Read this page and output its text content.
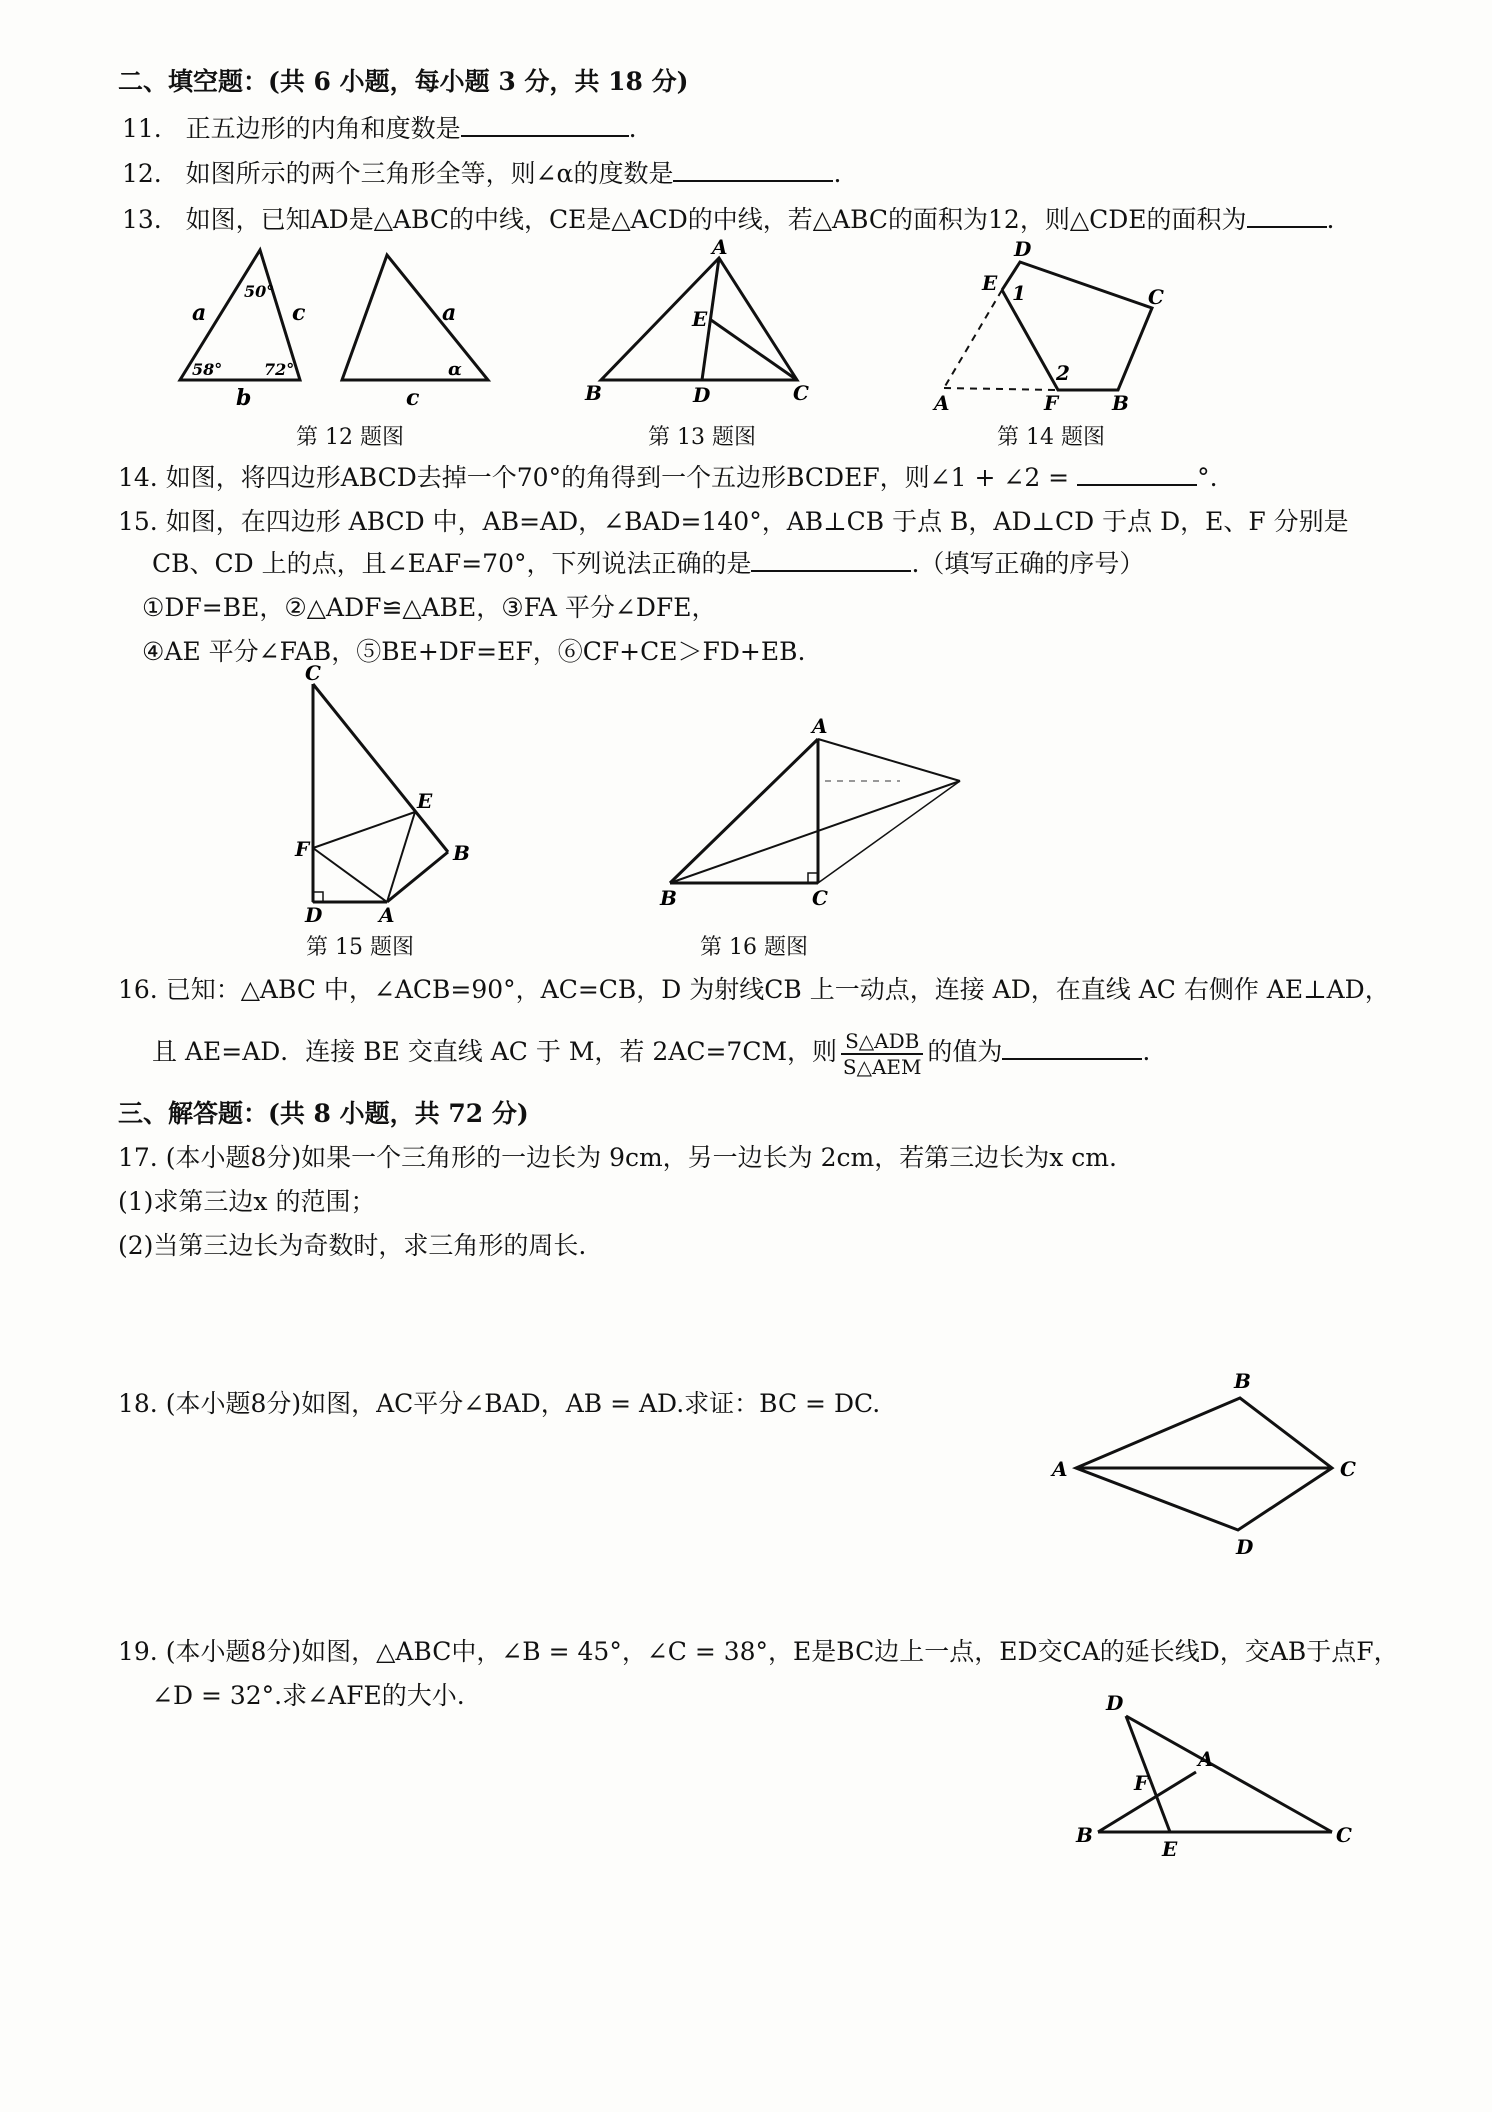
二、填空题：(共 6 小题，每小题 3 分，共 18 分)
11. 正五边形的内角和度数是	.
12. 如图所示的两个三角形全等，则∠α的度数是	.
13. 如图，已知AD是△ABC的中线，CE是△ACD的中线，若△ABC的面积为12，则△CDE的面积为	.
50°
58°	72°
a	c
b
a
c
α
第 12 题图
A
B	D	C
E
第 13 题图
D
E 1	C
2
A	F	B
第 14 题图
14. 如图，将四边形ABCD去掉一个70°的角得到一个五边形BCDEF，则∠1 + ∠2 =	°.
15. 如图，在四边形 ABCD 中，AB=AD，∠BAD=140°，AB⊥CB 于点 B，AD⊥CD 于点 D，E、F 分别是
CB、CD 上的点，且∠EAF=70°，下列说法正确的是	.（填写正确的序号）
①DF=BE，②△ADF≌△ABE，③FA 平分∠DFE，
④AE 平分∠FAB，⑤BE+DF=EF，⑥CF+CE＞FD+EB.
C
F
E
B
D	A
第 15 题图
A
B	C
第 16 题图
16. 已知：△ABC 中，∠ACB=90°，AC=CB，D 为射线CB 上一动点，连接 AD，在直线 AC 右侧作 AE⊥AD，
且 AE=AD．连接 BE 交直线 AC 于 M，若 2AC=7CM，则 $\frac{\text{S△ADB}}{\text{S△AEM}}$ 的值为	.
三、解答题：(共 8 小题，共 72 分)
17. (本小题8分)如果一个三角形的一边长为 9cm，另一边长为 2cm，若第三边长为x cm.
(1)求第三边x 的范围；
(2)当第三边长为奇数时，求三角形的周长.
18. (本小题8分)如图，AC平分∠BAD，AB = AD.求证：BC = DC.
B
A	C
D
19. (本小题8分)如图，△ABC中，∠B = 45°，∠C = 38°，E是BC边上一点，ED交CA的延长线D，交AB于点F，
∠D = 32°.求∠AFE的大小.	D
A
F
B
E
C
